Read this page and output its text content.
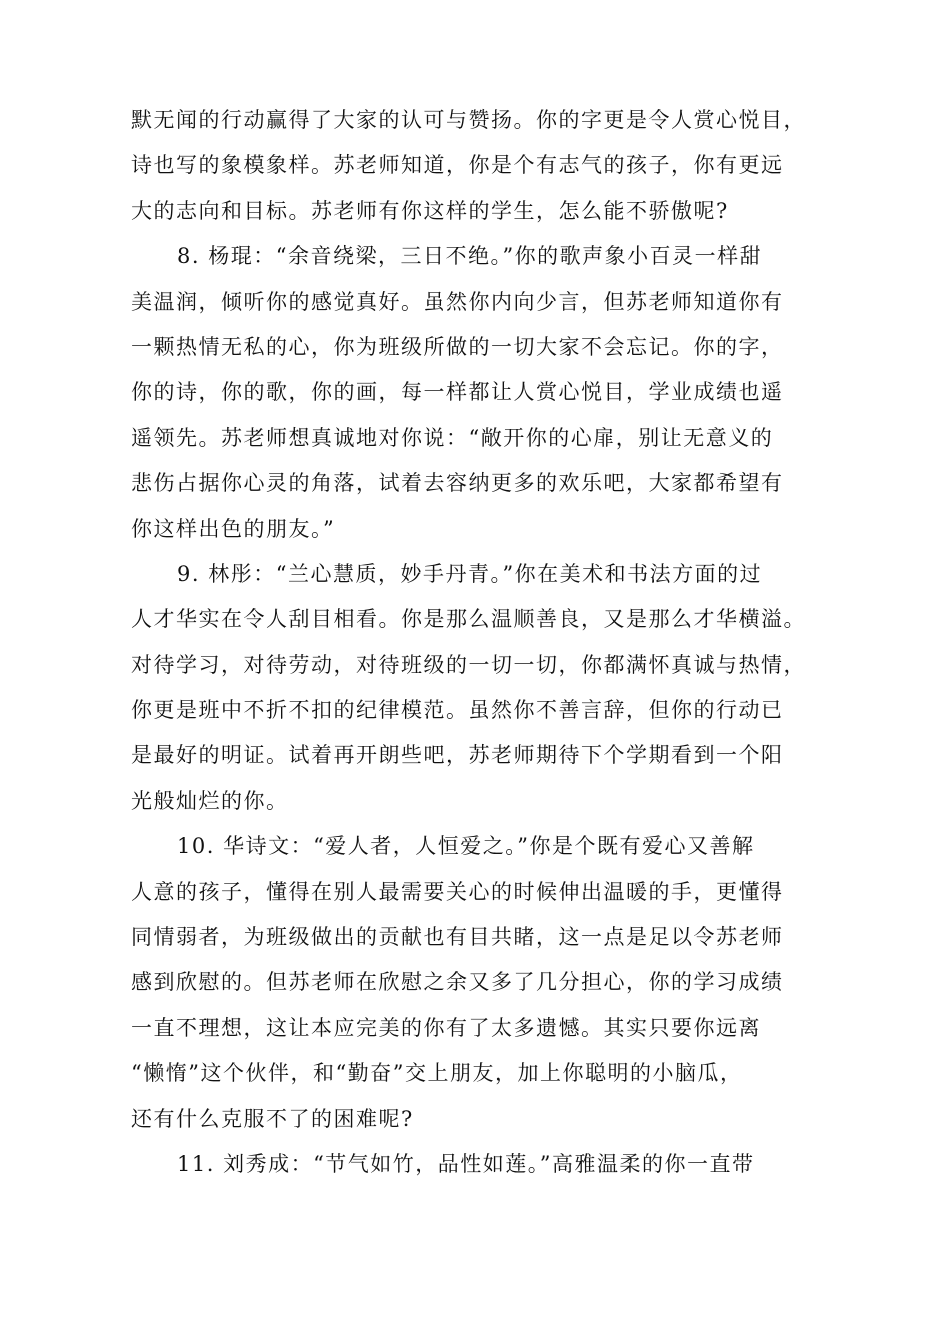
默无闻的行动赢得了大家的认可与赞扬。你的字更是令人赏心悦目，
诗也写的象模象样。苏老师知道，你是个有志气的孩子，你有更远
大的志向和目标。苏老师有你这样的学生，怎么能不骄傲呢?
8. 杨琨：“余音绕梁，三日不绝。”你的歌声象小百灵一样甜
美温润，倾听你的感觉真好。虽然你内向少言，但苏老师知道你有
一颗热情无私的心，你为班级所做的一切大家不会忘记。你的字，
你的诗，你的歌，你的画，每一样都让人赏心悦目，学业成绩也遥
遥领先。苏老师想真诚地对你说：“敞开你的心扉，别让无意义的
悲伤占据你心灵的角落，试着去容纳更多的欢乐吧，大家都希望有
你这样出色的朋友。”
9. 林彤：“兰心慧质，妙手丹青。”你在美术和书法方面的过
人才华实在令人刮目相看。你是那么温顺善良，又是那么才华横溢。
对待学习，对待劳动，对待班级的一切一切，你都满怀真诚与热情，
你更是班中不折不扣的纪律模范。虽然你不善言辞，但你的行动已
是最好的明证。试着再开朗些吧，苏老师期待下个学期看到一个阳
光般灿烂的你。
10. 华诗文：“爱人者，人恒爱之。”你是个既有爱心又善解
人意的孩子，懂得在别人最需要关心的时候伸出温暖的手，更懂得
同情弱者，为班级做出的贡献也有目共睹，这一点是足以令苏老师
感到欣慰的。但苏老师在欣慰之余又多了几分担心，你的学习成绩
一直不理想，这让本应完美的你有了太多遗憾。其实只要你远离
“懒惰”这个伙伴，和“勤奋”交上朋友，加上你聪明的小脑瓜，
还有什么克服不了的困难呢?
11. 刘秀成：“节气如竹，品性如莲。”高雅温柔的你一直带
